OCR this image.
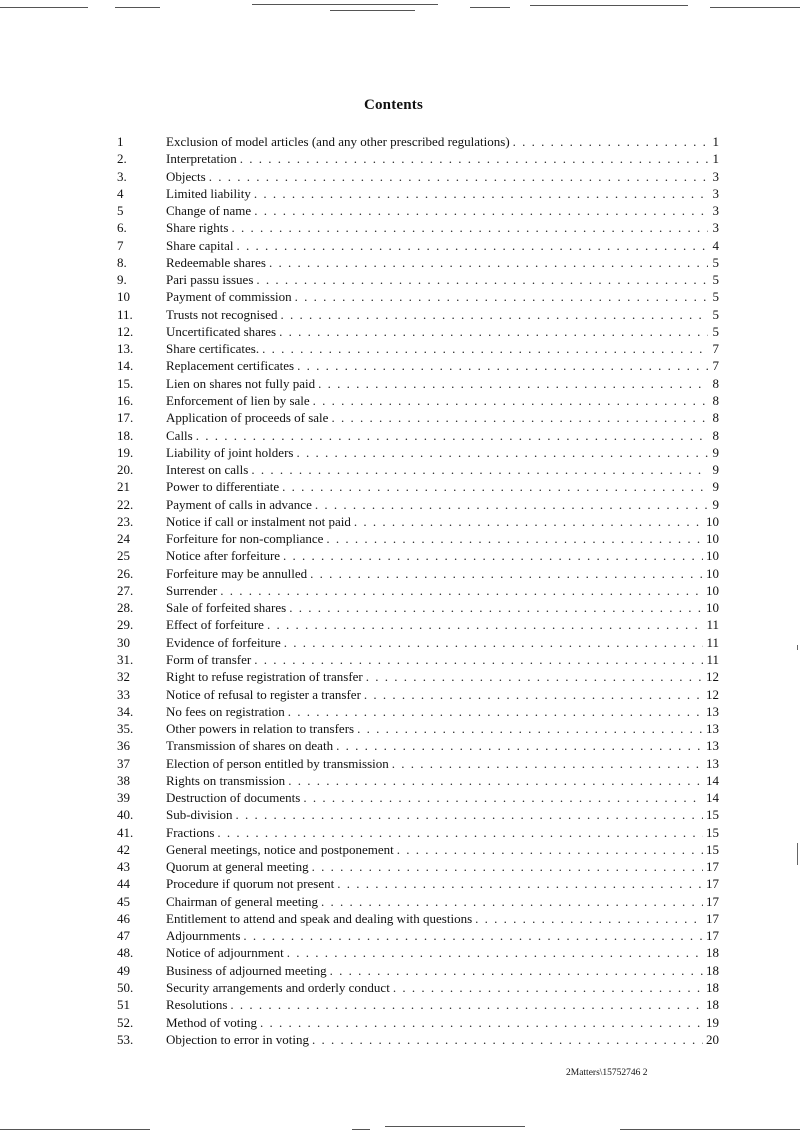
Contents
1	Exclusion of model articles (and any other prescribed regulations) . . .	1
2.	Interpretation . . .	1
3.	Objects . . .	3
4	Limited liability . . .	3
5	Change of name . . .	3
6.	Share rights . . .	3
7	Share capital . . .	4
8.	Redeemable shares . . .	5
9.	Pari passu issues . . .	5
10	Payment of commission . . .	5
11.	Trusts not recognised . . .	5
12.	Uncertificated shares . . .	5
13.	Share certificates. . . .	7
14.	Replacement certificates . . .	7
15.	Lien on shares not fully paid . . .	8
16.	Enforcement of lien by sale . . .	8
17.	Application of proceeds of sale . . .	8
18.	Calls . . .	8
19.	Liability of joint holders . . .	9
20.	Interest on calls . . .	9
21	Power to differentiate . . .	9
22.	Payment of calls in advance . . .	9
23.	Notice if call or instalment not paid . . .	10
24	Forfeiture for non-compliance . . .	10
25	Notice after forfeiture . . .	10
26.	Forfeiture may be annulled . . .	10
27.	Surrender . . .	10
28.	Sale of forfeited shares . . .	10
29.	Effect of forfeiture . . .	11
30	Evidence of forfeiture . . .	11
31.	Form of transfer . . .	11
32	Right to refuse registration of transfer . . .	12
33	Notice of refusal to register a transfer . . .	12
34.	No fees on registration . . .	13
35.	Other powers in relation to transfers . . .	13
36	Transmission of shares on death . . .	13
37	Election of person entitled by transmission . . .	13
38	Rights on transmission . . .	14
39	Destruction of documents . . .	14
40.	Sub-division . . .	15
41.	Fractions . . .	15
42	General meetings, notice and postponement . . .	15
43	Quorum at general meeting . . .	17
44	Procedure if quorum not present . . .	17
45	Chairman of general meeting . . .	17
46	Entitlement to attend and speak and dealing with questions . . .	17
47	Adjournments . . .	17
48.	Notice of adjournment . . .	18
49	Business of adjourned meeting . . .	18
50.	Security arrangements and orderly conduct . . .	18
51	Resolutions . . .	18
52.	Method of voting . . .	19
53.	Objection to error in voting . . .	20
2Matters\15752746 2
